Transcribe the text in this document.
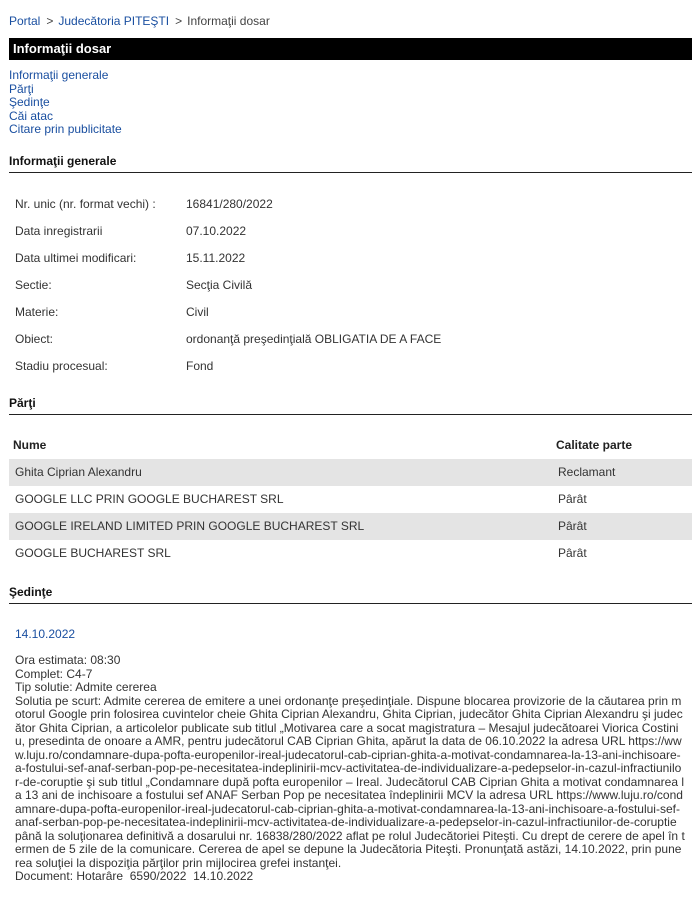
Portal > Judecătoria PITEŞTI > Informaţii dosar
Informaţii dosar
Informaţii generale
Părţi
Şedinţe
Căi atac
Citare prin publicitate
Informaţii generale
Nr. unic (nr. format vechi) :	16841/280/2022
Data inregistrarii	07.10.2022
Data ultimei modificari:	15.11.2022
Sectie:	Secţia Civilă
Materie:	Civil
Obiect:	ordonanţă preşedinţială OBLIGATIA DE A FACE
Stadiu procesual:	Fond
Părţi
Nume	Calitate parte
Ghita Ciprian Alexandru	Reclamant
GOOGLE LLC PRIN GOOGLE BUCHAREST SRL	Pârât
GOOGLE IRELAND LIMITED PRIN GOOGLE BUCHAREST SRL	Pârât
GOOGLE BUCHAREST SRL	Pârât
Şedinţe
14.10.2022
Ora estimata: 08:30
Complet: C4-7
Tip solutie: Admite cererea
Solutia pe scurt: Admite cererea de emitere a unei ordonanţe preşedinţiale. Dispune blocarea provizorie de la căutarea prin motorul Google prin folosirea cuvintelor cheie Ghita Ciprian Alexandru, Ghita Ciprian, judecător Ghita Ciprian Alexandru şi judecător Ghita Ciprian, a articolelor publicate sub titlul „Motivarea care a socat magistratura – Mesajul judecătoarei Viorica Costiniu, presedinta de onoare a AMR, pentru judecătorul CAB Ciprian Ghita, apărut la data de 06.10.2022 la adresa URL https://www.luju.ro/condamnare-dupa-pofta-europenilor-ireal-judecatorul-cab-ciprian-ghita-a-motivat-condamnarea-la-13-ani-inchisoare-a-fostului-sef-anaf-serban-pop-pe-necesitatea-indeplinirii-mcv-activitatea-de-individualizare-a-pedepselor-in-cazul-infractiunilor-de-coruptie şi sub titlul „Condamnare după pofta europenilor – Ireal. Judecătorul CAB Ciprian Ghita a motivat condamnarea la 13 ani de inchisoare a fostului sef ANAF Serban Pop pe necesitatea îndeplinirii MCV la adresa URL https://www.luju.ro/condamnare-dupa-pofta-europenilor-ireal-judecatorul-cab-ciprian-ghita-a-motivat-condamnarea-la-13-ani-inchisoare-a-fostului-sef-anaf-serban-pop-pe-necesitatea-indeplinirii-mcv-activitatea-de-individualizare-a-pedepselor-in-cazul-infractiunilor-de-coruptie până la soluţionarea definitivă a dosarului nr. 16838/280/2022 aflat pe rolul Judecătoriei Piteşti. Cu drept de cerere de apel în termen de 5 zile de la comunicare. Cererea de apel se depune la Judecătoria Piteşti. Pronunţată astăzi, 14.10.2022, prin punerea soluţiei la dispoziţia părţilor prin mijlocirea grefei instanţei.
Document: Hotarâre  6590/2022  14.10.2022
